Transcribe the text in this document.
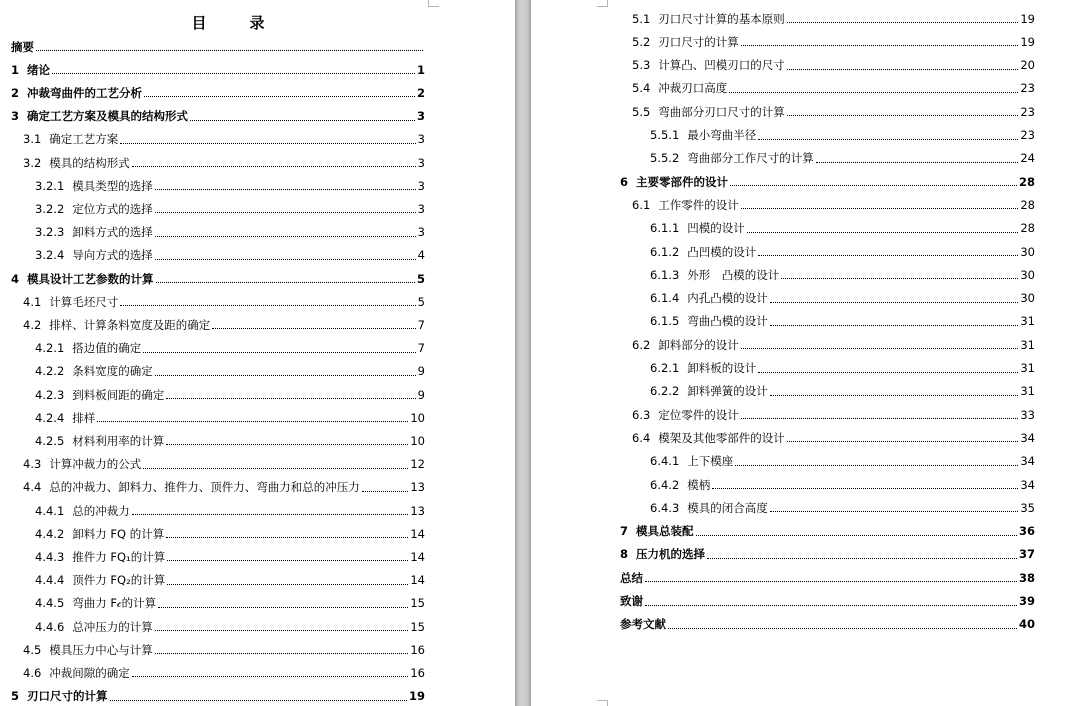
目　录
摘要
1 绪论	1
2 冲裁弯曲件的工艺分析	2
3 确定工艺方案及模具的结构形式	3
3.1 确定工艺方案	3
3.2 模具的结构形式	3
3.2.1 模具类型的选择	3
3.2.2 定位方式的选择	3
3.2.3 卸料方式的选择	3
3.2.4 导向方式的选择	4
4 模具设计工艺参数的计算	5
4.1 计算毛坯尺寸	5
4.2 排样、计算条料宽度及距的确定	7
4.2.1 搭边值的确定	7
4.2.2 条料宽度的确定	9
4.2.3 到料板间距的确定	9
4.2.4 排样	10
4.2.5 材料利用率的计算	10
4.3 计算冲裁力的公式	12
4.4 总的冲裁力、卸料力、推件力、顶件力、弯曲力和总的冲压力	13
4.4.1 总的冲裁力	13
4.4.2 卸料力 FQ 的计算	14
4.4.3 推件力 FQ₁的计算	14
4.4.4 顶件力 FQ₂的计算	14
4.4.5 弯曲力 F𝒸的计算	15
4.4.6 总冲压力的计算	15
4.5 模具压力中心与计算	16
4.6 冲裁间隙的确定	16
5 刃口尺寸的计算	19
5.1 刃口尺寸计算的基本原则	19
5.2 刃口尺寸的计算	19
5.3 计算凸、凹模刃口的尺寸	20
5.4 冲裁刃口高度	23
5.5 弯曲部分刃口尺寸的计算	23
5.5.1 最小弯曲半径	23
5.5.2 弯曲部分工作尺寸的计算	24
6 主要零部件的设计	28
6.1 工作零件的设计	28
6.1.1 凹模的设计	28
6.1.2 凸凹模的设计	30
6.1.3 外形　凸模的设计	30
6.1.4 内孔凸模的设计	30
6.1.5 弯曲凸模的设计	31
6.2 卸料部分的设计	31
6.2.1 卸料板的设计	31
6.2.2 卸料弹簧的设计	31
6.3 定位零件的设计	33
6.4 模架及其他零部件的设计	34
6.4.1 上下模座	34
6.4.2 模柄	34
6.4.3 模具的闭合高度	35
7 模具总装配	36
8 压力机的选择	37
总结	38
致谢	39
参考文献	40
